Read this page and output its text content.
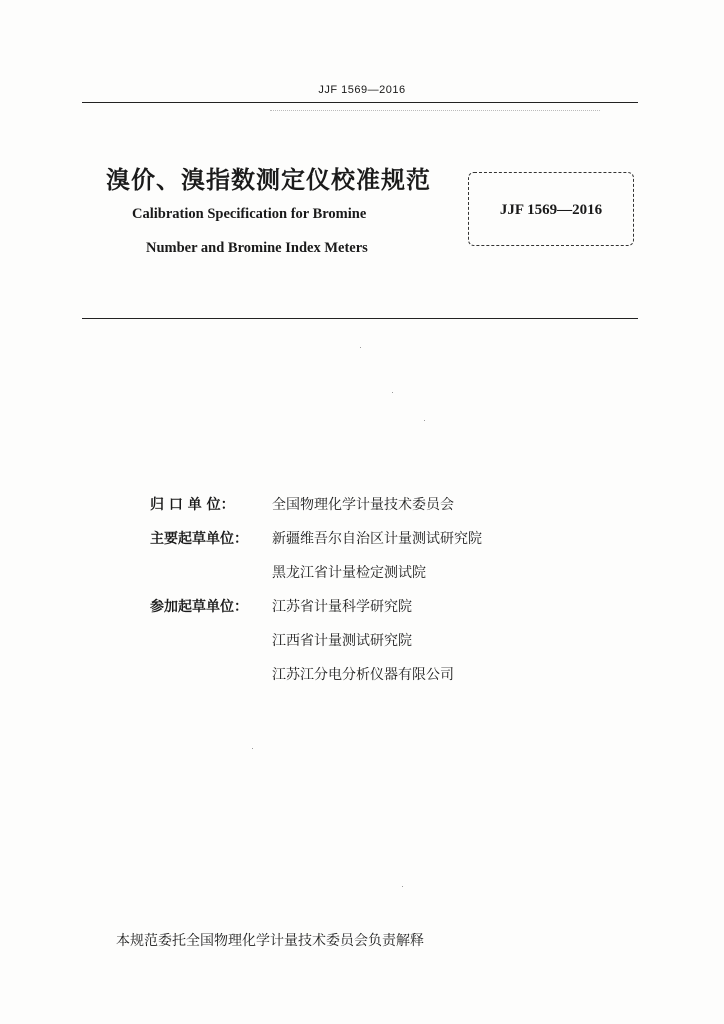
JJF 1569—2016
溴价、溴指数测定仪校准规范
Calibration Specification for Bromine
Number and Bromine Index Meters
JJF 1569—2016
归 口 单 位：	全国物理化学计量技术委员会
主要起草单位： 新疆维吾尔自治区计量测试研究院
黑龙江省计量检定测试院
参加起草单位： 江苏省计量科学研究院
江西省计量测试研究院
江苏江分电分析仪器有限公司
本规范委托全国物理化学计量技术委员会负责解释
